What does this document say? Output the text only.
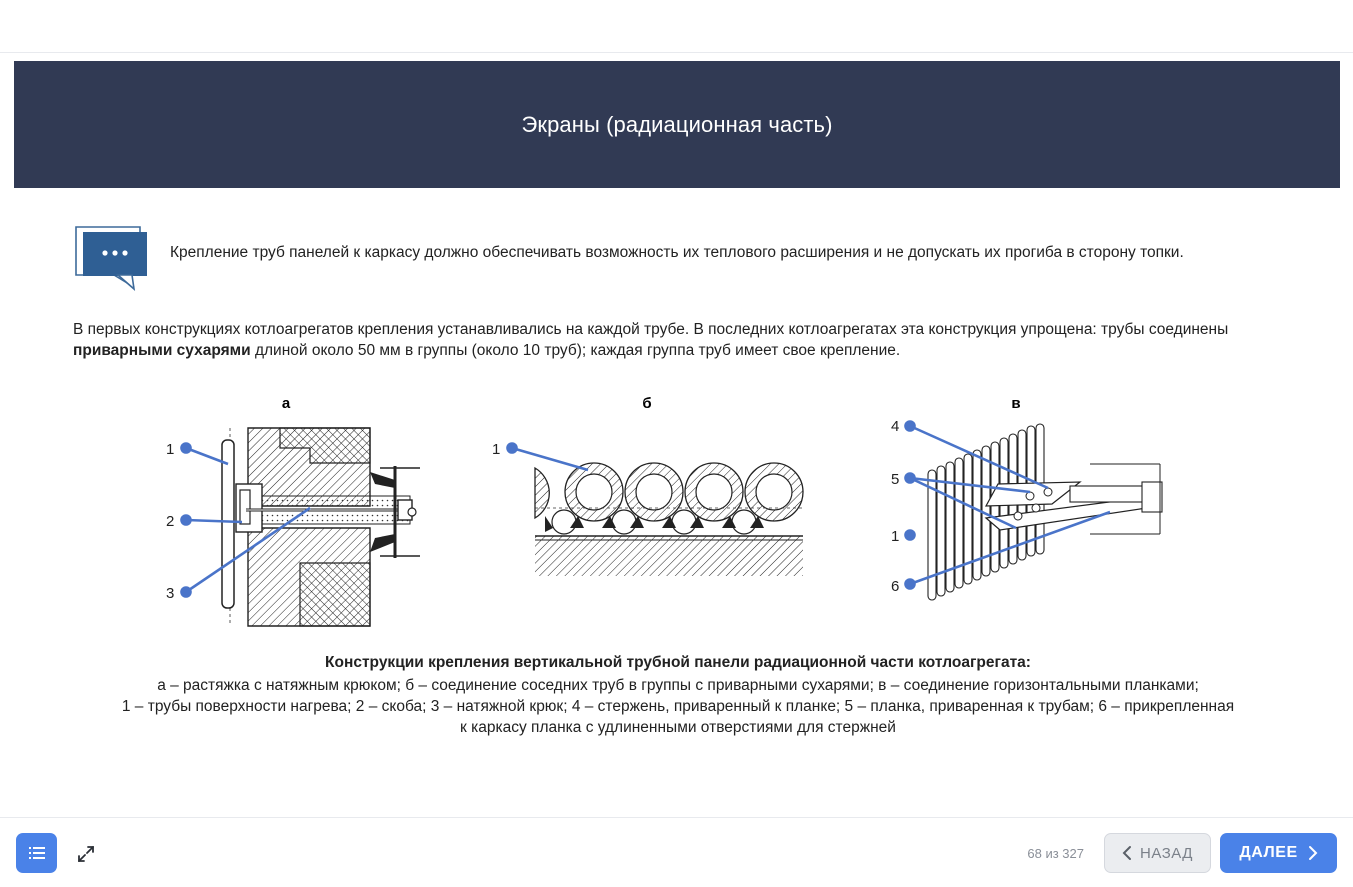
Экраны (радиационная часть)
Крепление труб панелей к каркасу должно обеспечивать возможность их теплового расширения и не допускать их прогиба в сторону топки.
В первых конструкциях котлоагрегатов крепления устанавливались на каждой трубе. В последних котлоагрегатах эта конструкция упрощена: трубы соединены приварными сухарями длиной около 50 мм в группы (около 10 труб); каждая группа труб имеет свое крепление.
а
1
2
3
б
1
в
4
5
1
6
Конструкции крепления вертикальной трубной панели радиационной части котлоагрегата:
а – растяжка с натяжным крюком; б – соединение соседних труб в группы с приварными сухарями; в – соединение горизонтальными планками;
1 – трубы поверхности нагрева; 2 – скоба; 3 – натяжной крюк; 4 – стержень, приваренный к планке; 5 – планка, приваренная к трубам; 6 – прикрепленная
к каркасу планка с удлиненными отверстиями для стержней
68 из 327	НАЗАД	ДАЛЕЕ
